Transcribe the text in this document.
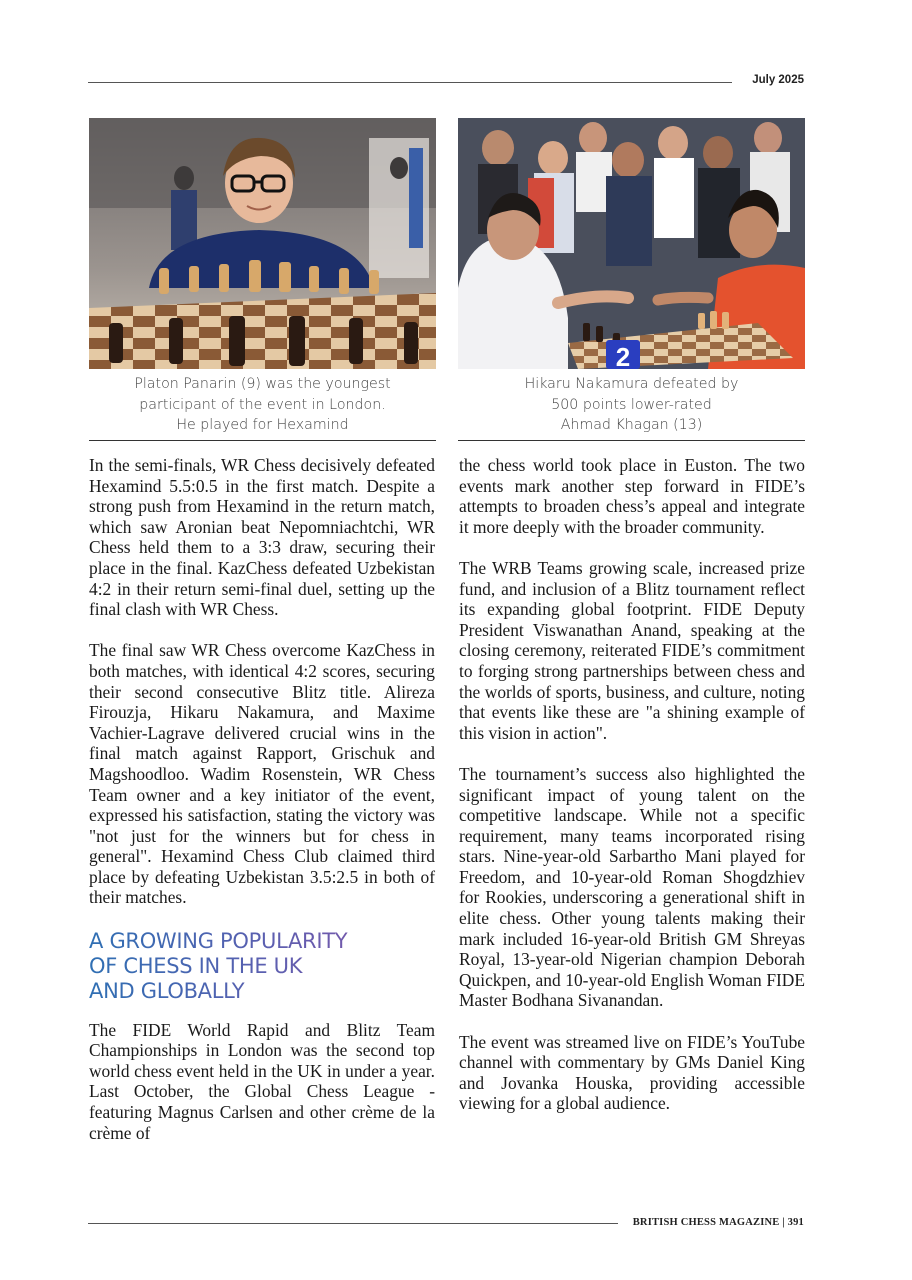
July 2025
2
Platon Panarin (9) was the youngest
participant of the event in London.
He played for Hexamind
Hikaru Nakamura defeated by
500 points lower-rated
Ahmad Khagan (13)

In the semi-finals, WR Chess decisively defeated Hexamind 5.5:0.5 in the first match. Despite a strong push from Hexamind in the return match, which saw Aronian beat Nepomniachtchi, WR Chess held them to a 3:3 draw, securing their place in the final. KazChess defeated Uzbekistan 4:2 in their return semi-final duel, setting up the final clash with WR Chess.

The final saw WR Chess overcome KazChess in both matches, with identical 4:2 scores, securing their second consecutive Blitz title. Alireza Firouzja, Hikaru Nakamura, and Maxime Vachier-Lagrave delivered crucial wins in the final match against Rapport, Grischuk and Magshoodloo. Wadim Rosenstein, WR Chess Team owner and a key initiator of the event, expressed his satisfaction, stating the victory was "not just for the winners but for chess in general". Hexamind Chess Club claimed third place by defeating Uzbekistan 3.5:2.5 in both of their matches.

A GROWING POPULARITY
OF CHESS IN THE UK
AND GLOBALLY

The FIDE World Rapid and Blitz Team Championships in London was the second top world chess event held in the UK in under a year. Last October, the Global Chess League - featuring Magnus Carlsen and other crème de la crème of

the chess world took place in Euston. The two events mark another step forward in FIDE’s attempts to broaden chess’s appeal and integrate it more deeply with the broader community.

The WRB Teams growing scale, increased prize fund, and inclusion of a Blitz tournament reflect its expanding global footprint. FIDE Deputy President Viswanathan Anand, speaking at the closing ceremony, reiterated FIDE’s commitment to forging strong partnerships between chess and the worlds of sports, business, and culture, noting that events like these are "a shining example of this vision in action".

The tournament’s success also highlighted the significant impact of young talent on the competitive landscape. While not a specific requirement, many teams incorporated rising stars. Nine-year-old Sarbartho Mani played for Freedom, and 10-year-old Roman Shogdzhiev for Rookies, underscoring a generational shift in elite chess. Other young talents making their mark included 16-year-old British GM Shreyas Royal, 13-year-old Nigerian champion Deborah Quickpen, and 10-year-old English Woman FIDE Master Bodhana Sivanandan.

The event was streamed live on FIDE’s YouTube channel with commentary by GMs Daniel King and Jovanka Houska, providing accessible viewing for a global audience.

BRITISH CHESS MAGAZINE | 391
